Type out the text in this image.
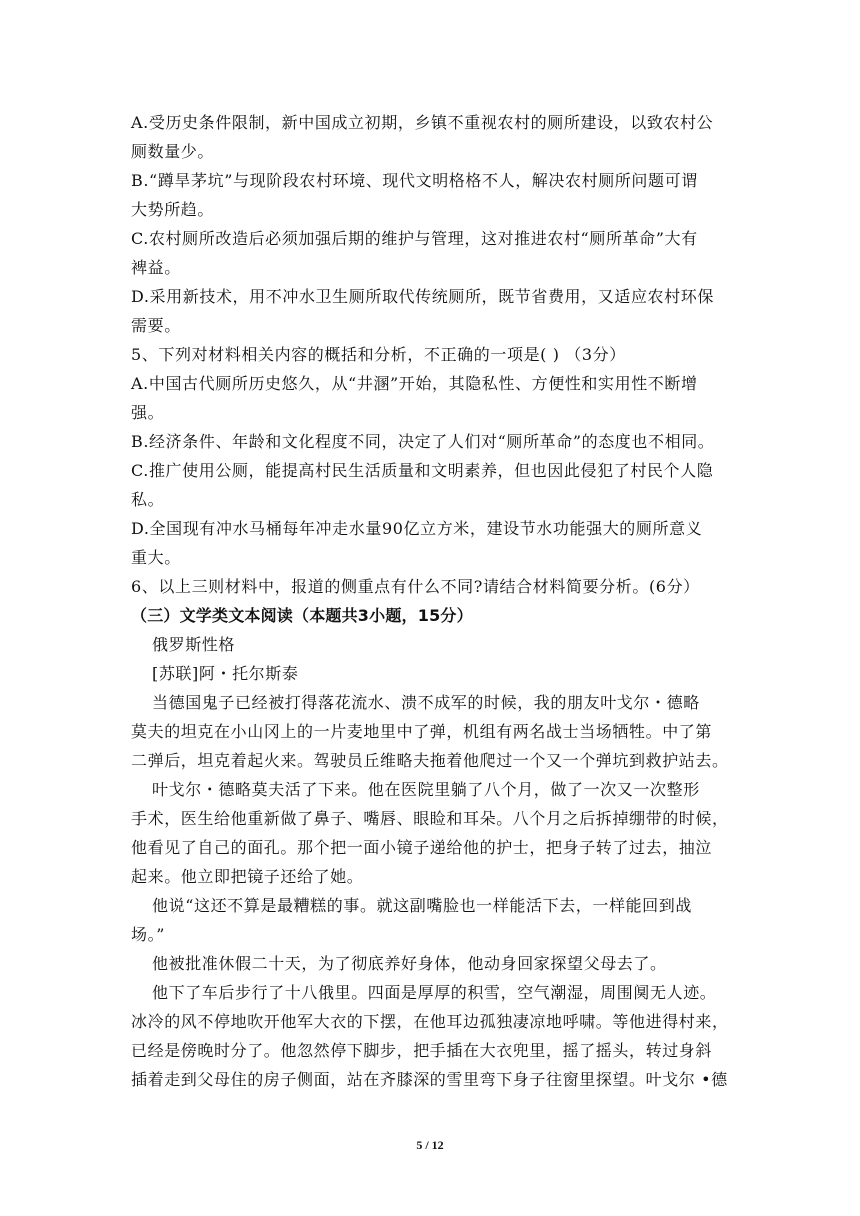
A.受历史条件限制，新中国成立初期，乡镇不重视农村的厕所建设，以致农村公
厕数量少。
B.“蹲旱茅坑”与现阶段农村环境、现代文明格格不人，解决农村厕所问题可谓
大势所趋。
C.农村厕所改造后必须加强后期的维护与管理，这对推进农村“厕所革命”大有
裨益。
D.采用新技术，用不冲水卫生厕所取代传统厕所，既节省费用，又适应农村环保
需要。
5、下列对材料相关内容的概括和分析，不正确的一项是( ) （3分）
A.中国古代厕所历史悠久，从“井溷”开始，其隐私性、方便性和实用性不断增
强。
B.经济条件、年龄和文化程度不同，决定了人们对“厕所革命”的态度也不相同。
C.推广使用公厕，能提高村民生活质量和文明素养，但也因此侵犯了村民个人隐
私。
D.全国现有冲水马桶每年冲走水量90亿立方米，建设节水功能强大的厕所意义
重大。
6、以上三则材料中，报道的侧重点有什么不同?请结合材料简要分析。(6分）
（三）文学类文本阅读（本题共3小题，15分）
俄罗斯性格
[苏联]阿・托尔斯泰
当德国鬼子已经被打得落花流水、溃不成军的时候，我的朋友叶戈尔・德略
莫夫的坦克在小山冈上的一片麦地里中了弹，机组有两名战士当场牺牲。中了第
二弹后，坦克着起火来。驾驶员丘维略夫拖着他爬过一个又一个弹坑到救护站去。
叶戈尔・德略莫夫活了下来。他在医院里躺了八个月，做了一次又一次整形
手术，医生给他重新做了鼻子、嘴唇、眼睑和耳朵。八个月之后拆掉绷带的时候，
他看见了自己的面孔。那个把一面小镜子递给他的护士，把身子转了过去，抽泣
起来。他立即把镜子还给了她。
他说“这还不算是最糟糕的事。就这副嘴脸也一样能活下去，一样能回到战
场。”
他被批准休假二十天，为了彻底养好身体，他动身回家探望父母去了。
他下了车后步行了十八俄里。四面是厚厚的积雪，空气潮湿，周围阒无人迹。
冰冷的风不停地吹开他军大衣的下摆，在他耳边孤独凄凉地呼啸。等他进得村来，
已经是傍晚时分了。他忽然停下脚步，把手插在大衣兜里，摇了摇头，转过身斜
插着走到父母住的房子侧面，站在齐膝深的雪里弯下身子往窗里探望。叶戈尔 •德
5 / 12
